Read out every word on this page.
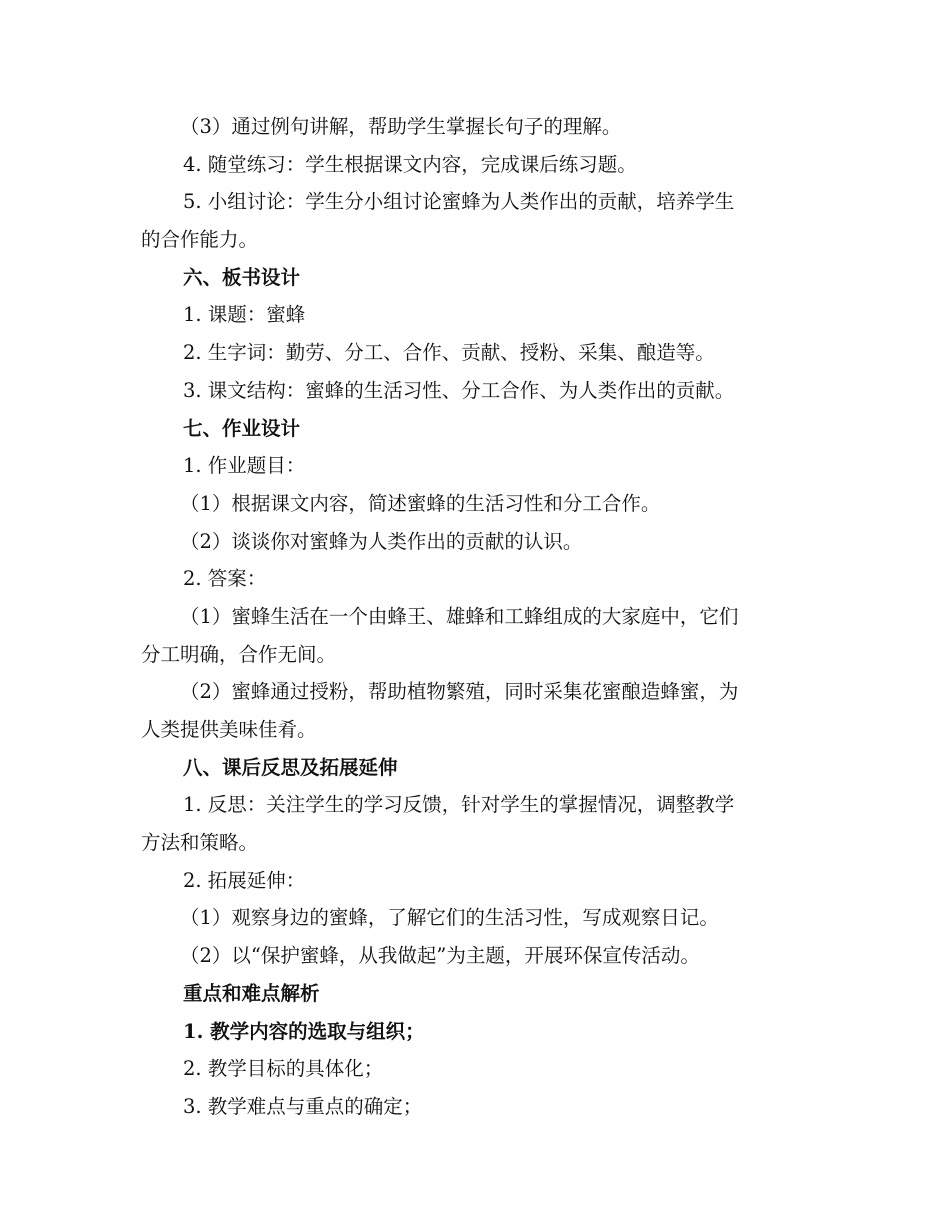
（3）通过例句讲解，帮助学生掌握长句子的理解。

4. 随堂练习：学生根据课文内容，完成课后练习题。

5. 小组讨论：学生分小组讨论蜜蜂为人类作出的贡献，培养学生

的合作能力。

六、板书设计

1. 课题：蜜蜂

2. 生字词：勤劳、分工、合作、贡献、授粉、采集、酿造等。

3. 课文结构：蜜蜂的生活习性、分工合作、为人类作出的贡献。

七、作业设计

1. 作业题目：

（1）根据课文内容，简述蜜蜂的生活习性和分工合作。

（2）谈谈你对蜜蜂为人类作出的贡献的认识。

2. 答案：

（1）蜜蜂生活在一个由蜂王、雄蜂和工蜂组成的大家庭中，它们

分工明确，合作无间。

（2）蜜蜂通过授粉，帮助植物繁殖，同时采集花蜜酿造蜂蜜，为

人类提供美味佳肴。

八、课后反思及拓展延伸

1. 反思：关注学生的学习反馈，针对学生的掌握情况，调整教学

方法和策略。

2. 拓展延伸：

（1）观察身边的蜜蜂，了解它们的生活习性，写成观察日记。

（2）以“保护蜜蜂，从我做起”为主题，开展环保宣传活动。

重点和难点解析

1. 教学内容的选取与组织；

2. 教学目标的具体化；

3. 教学难点与重点的确定；
